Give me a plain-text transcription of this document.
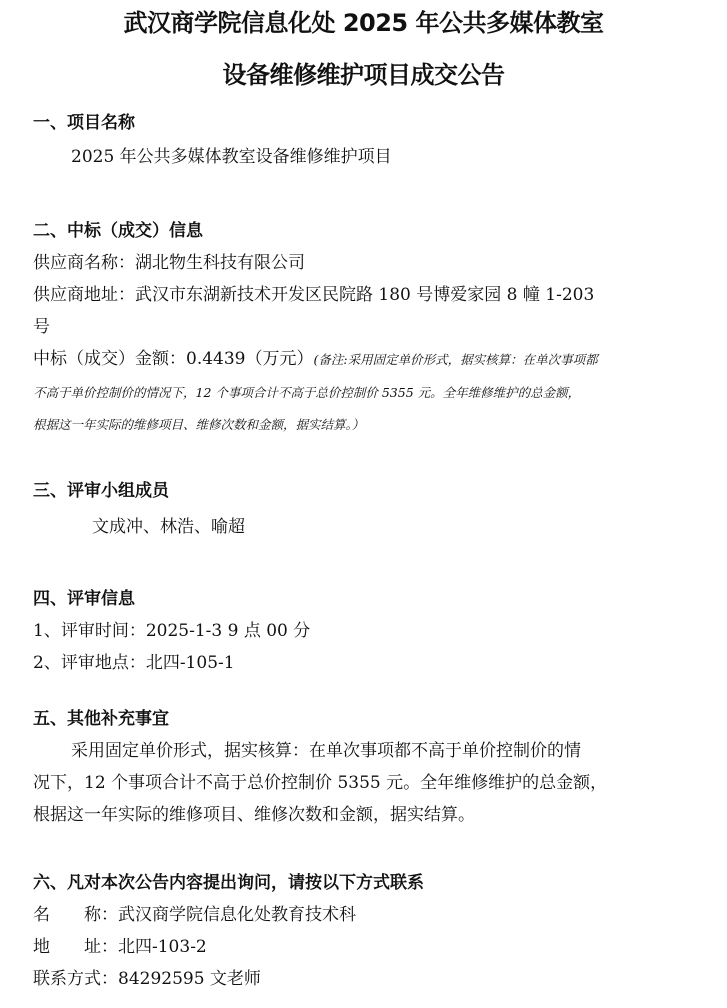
武汉商学院信息化处 2025 年公共多媒体教室
设备维修维护项目成交公告
一、项目名称
2025 年公共多媒体教室设备维修维护项目
二、中标（成交）信息
供应商名称：湖北物生科技有限公司
供应商地址：武汉市东湖新技术开发区民院路 180 号博爱家园 8 幢 1-203
号
中标（成交）金额：0.4439（万元）(备注:采用固定单价形式，据实核算：在单次事项都
不高于单价控制价的情况下，12 个事项合计不高于总价控制价 5355 元。全年维修维护的总金额，
根据这一年实际的维修项目、维修次数和金额，据实结算。）
三、评审小组成员
文成冲、林浩、喻超
四、评审信息
1、评审时间：2025-1-3 9 点 00 分
2、评审地点：北四-105-1
五、其他补充事宜
采用固定单价形式，据实核算：在单次事项都不高于单价控制价的情
况下，12 个事项合计不高于总价控制价 5355 元。全年维修维护的总金额，
根据这一年实际的维修项目、维修次数和金额，据实结算。
六、凡对本次公告内容提出询问，请按以下方式联系
名　　称：武汉商学院信息化处教育技术科
地　　址：北四-103-2
联系方式：84292595 文老师
